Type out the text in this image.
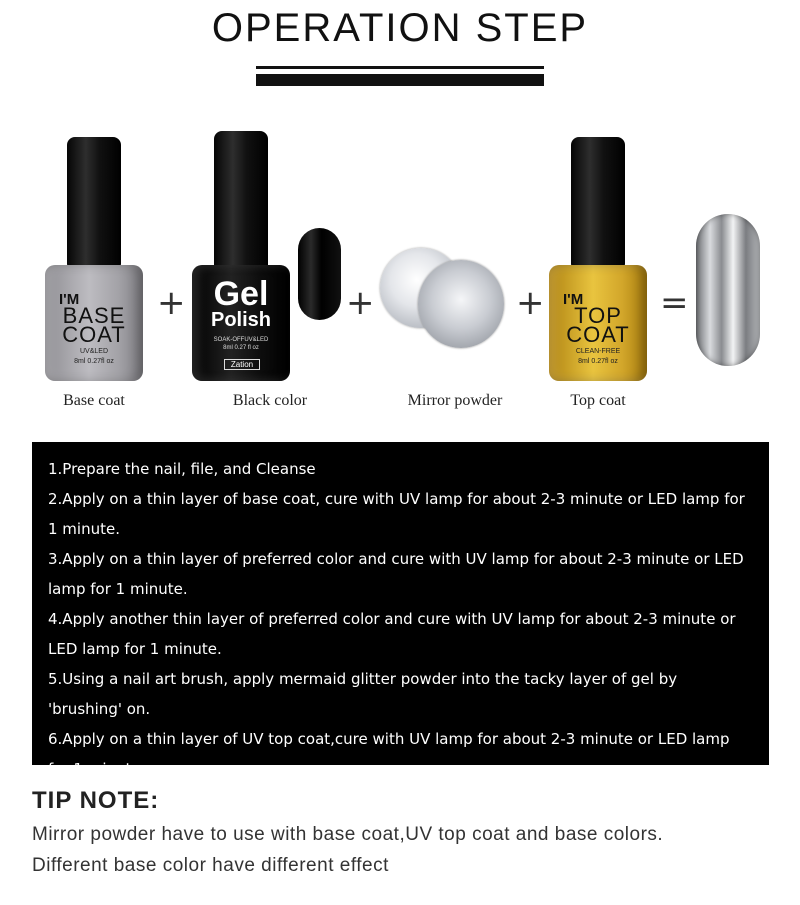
OPERATION STEP
I'M
BASE
COAT
UV&LED
8ml 0.27fl oz
+ Gel
Polish
SOAK-OFFUV&LED
8ml 0.27 fl oz
Zation
+	+ I'M
TOP
COAT
CLEAN-FREE
8ml 0.27fl oz
=
Base coat	Black color	Mirror powder	Top coat
1.Prepare the nail, file, and Cleanse
2.Apply on a thin layer of base coat, cure with UV lamp for about 2-3 minute or LED lamp for 1 minute.
3.Apply on a thin layer of preferred color and cure with UV lamp for about 2-3 minute or LED lamp for 1 minute.
4.Apply another thin layer of preferred color and cure with UV lamp for about 2-3 minute or LED lamp for 1 minute.
5.Using a nail art brush, apply mermaid glitter powder into the tacky layer of gel by 'brushing' on.
6.Apply on a thin layer of UV top coat,cure with UV lamp for about 2-3 minute or LED lamp for 1 minute.
TIP NOTE:
Mirror powder have to use with base coat,UV top coat and base colors.
Different base color have different effect
